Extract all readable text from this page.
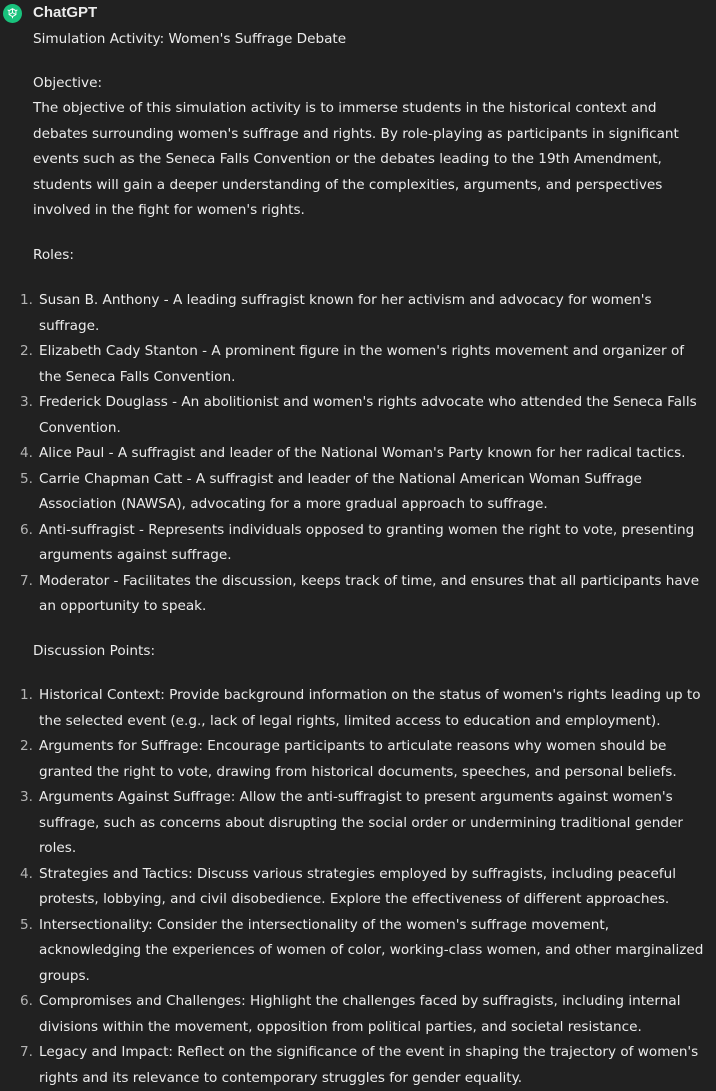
ChatGPT

Simulation Activity: Women's Suffrage Debate

Objective:

The objective of this simulation activity is to immerse students in the historical context and debates surrounding women's suffrage and rights. By role-playing as participants in significant events such as the Seneca Falls Convention or the debates leading to the 19th Amendment, students will gain a deeper understanding of the complexities, arguments, and perspectives involved in the fight for women's rights.

Roles:

1. Susan B. Anthony - A leading suffragist known for her activism and advocacy for women's suffrage.
2. Elizabeth Cady Stanton - A prominent figure in the women's rights movement and organizer of the Seneca Falls Convention.
3. Frederick Douglass - An abolitionist and women's rights advocate who attended the Seneca Falls Convention.
4. Alice Paul - A suffragist and leader of the National Woman's Party known for her radical tactics.
5. Carrie Chapman Catt - A suffragist and leader of the National American Woman Suffrage Association (NAWSA), advocating for a more gradual approach to suffrage.
6. Anti-suffragist - Represents individuals opposed to granting women the right to vote, presenting arguments against suffrage.
7. Moderator - Facilitates the discussion, keeps track of time, and ensures that all participants have an opportunity to speak.

Discussion Points:

1. Historical Context: Provide background information on the status of women's rights leading up to the selected event (e.g., lack of legal rights, limited access to education and employment).
2. Arguments for Suffrage: Encourage participants to articulate reasons why women should be granted the right to vote, drawing from historical documents, speeches, and personal beliefs.
3. Arguments Against Suffrage: Allow the anti-suffragist to present arguments against women's suffrage, such as concerns about disrupting the social order or undermining traditional gender roles.
4. Strategies and Tactics: Discuss various strategies employed by suffragists, including peaceful protests, lobbying, and civil disobedience. Explore the effectiveness of different approaches.
5. Intersectionality: Consider the intersectionality of the women's suffrage movement, acknowledging the experiences of women of color, working-class women, and other marginalized groups.
6. Compromises and Challenges: Highlight the challenges faced by suffragists, including internal divisions within the movement, opposition from political parties, and societal resistance.
7. Legacy and Impact: Reflect on the significance of the event in shaping the trajectory of women's rights and its relevance to contemporary struggles for gender equality.
